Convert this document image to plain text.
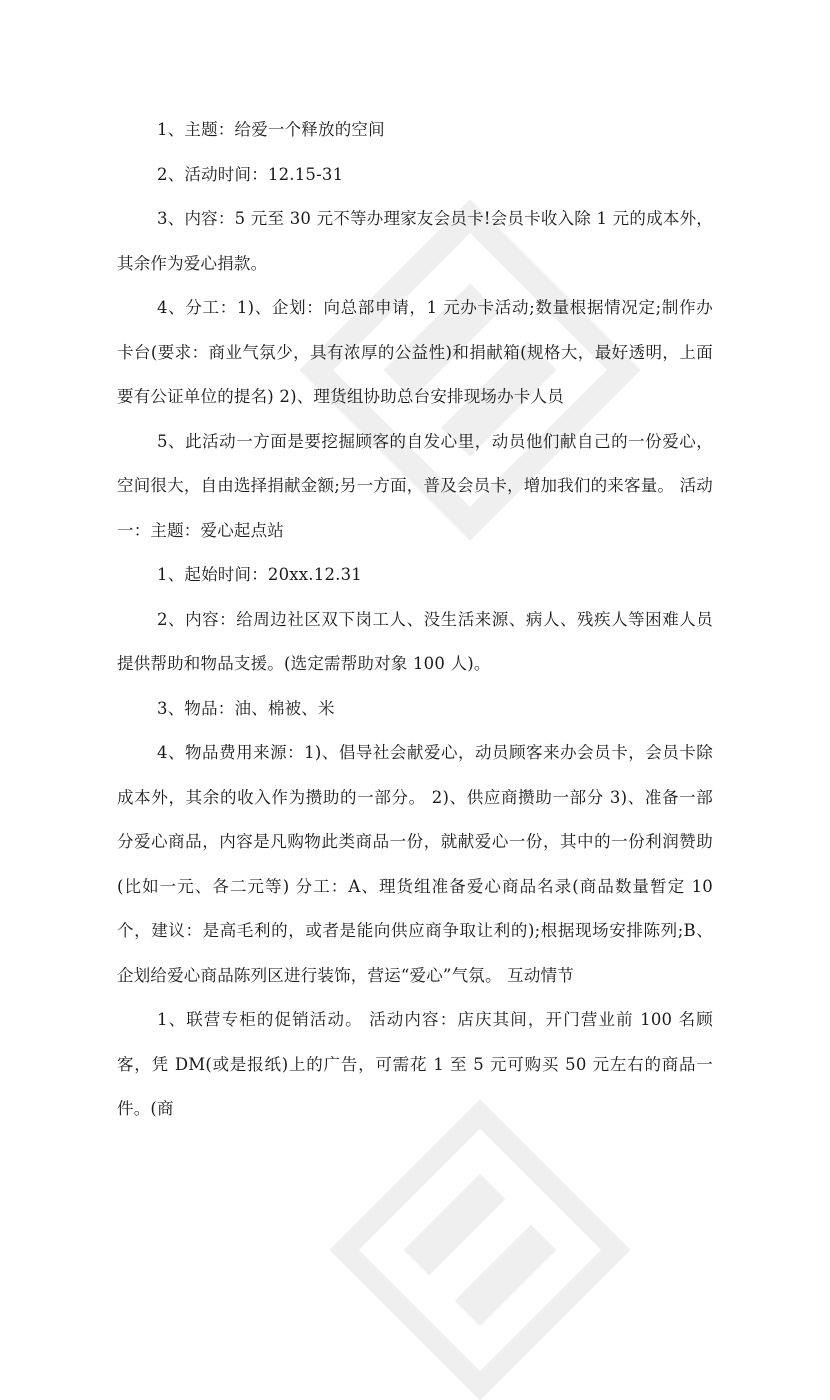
1、主题：给爱一个释放的空间

2、活动时间：12.15-31

3、内容：5 元至 30 元不等办理家友会员卡!会员卡收入除 1 元的成本外，其余作为爱心捐款。

4、分工：1)、企划：向总部申请，1 元办卡活动;数量根据情况定;制作办卡台(要求：商业气氛少，具有浓厚的公益性)和捐献箱(规格大，最好透明，上面要有公证单位的提名) 2)、理货组协助总台安排现场办卡人员

5、此活动一方面是要挖掘顾客的自发心里，动员他们献自己的一份爱心，空间很大，自由选择捐献金额;另一方面，普及会员卡，增加我们的来客量。 活动一：主题：爱心起点站

1、起始时间：20xx.12.31

2、内容：给周边社区双下岗工人、没生活来源、病人、残疾人等困难人员提供帮助和物品支援。(选定需帮助对象 100 人)。

3、物品：油、棉被、米

4、物品费用来源：1)、倡导社会献爱心，动员顾客来办会员卡，会员卡除成本外，其余的收入作为攒助的一部分。 2)、供应商攒助一部分 3)、准备一部分爱心商品，内容是凡购物此类商品一份，就献爱心一份，其中的一份利润赞助(比如一元、各二元等) 分工：A、理货组准备爱心商品名录(商品数量暂定 10 个，建议：是高毛利的，或者是能向供应商争取让利的);根据现场安排陈列;B、企划给爱心商品陈列区进行装饰，营运“爱心”气氛。 互动情节

1、联营专柜的促销活动。 活动内容：店庆其间，开门营业前 100 名顾客，凭 DM(或是报纸)上的广告，可需花 1 至 5 元可购买 50 元左右的商品一件。(商
